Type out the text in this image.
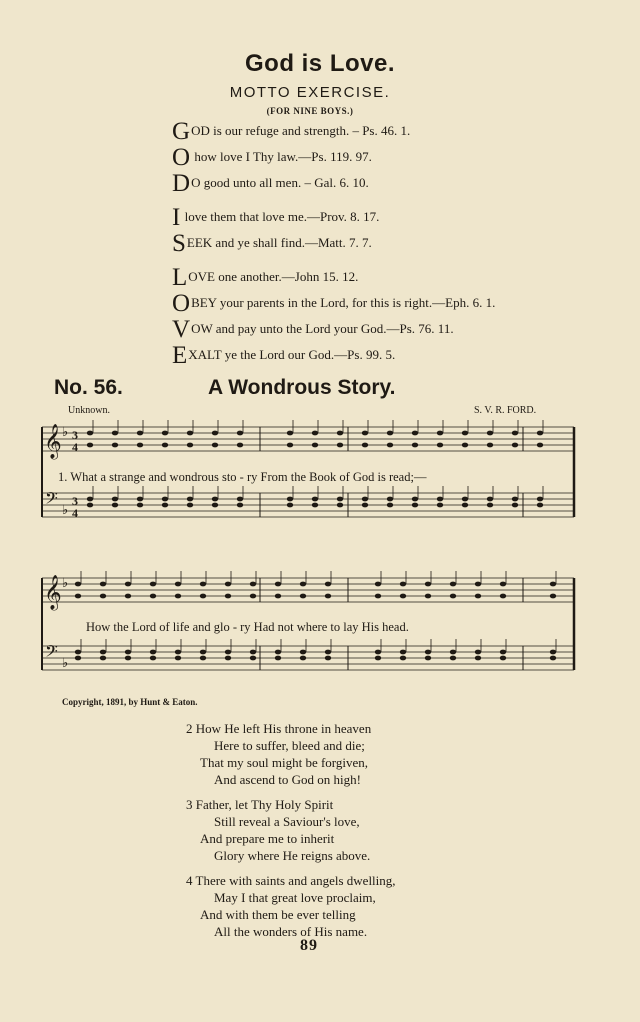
God is Love.
MOTTO EXERCISE.
(FOR NINE BOYS.)
GOD is our refuge and strength. – Ps. 46. 1.
O how love I Thy law.—Ps. 119. 97.
DO good unto all men. – Gal. 6. 10.
I love them that love me.—Prov. 8. 17.
SEEK and ye shall find.—Matt. 7. 7.
LOVE one another.—John 15. 12.
OBEY your parents in the Lord, for this is right.—Eph. 6. 1.
VOW and pay unto the Lord your God.—Ps. 76. 11.
EXALT ye the Lord our God.—Ps. 99. 5.
No. 56.	A Wondrous Story.
Unknown.	S. V. R. FORD.
𝄞
𝄢
♭
♭
3
4
3
4
𝄞
𝄢
♭
♭
1. What a strange and wondrous sto - ry From the Book of God is read;—
How the Lord of life and glo - ry Had not where to lay His head.
Copyright, 1891, by Hunt & Eaton.
2 How He left His throne in heaven
Here to suffer, bleed and die;
That my soul might be forgiven,
And ascend to God on high!
3 Father, let Thy Holy Spirit
Still reveal a Saviour's love,
And prepare me to inherit
Glory where He reigns above.
4 There with saints and angels dwelling,
May I that great love proclaim,
And with them be ever telling
All the wonders of His name.
89
